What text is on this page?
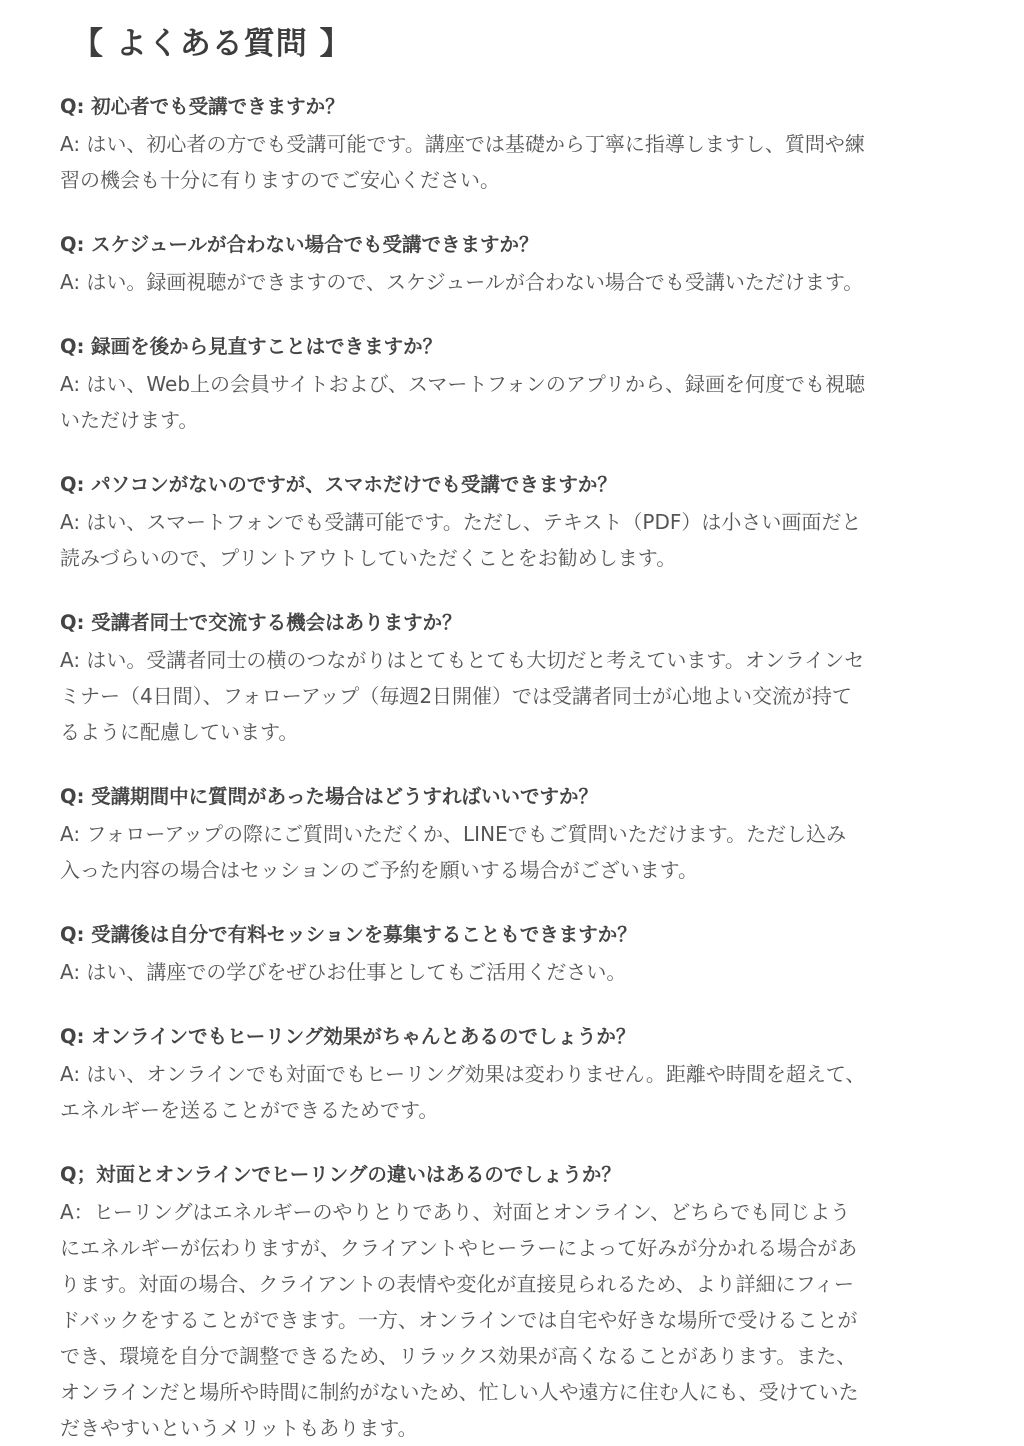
【 よくある質問 】

Q: 初心者でも受講できますか？

A: はい、初心者の方でも受講可能です。講座では基礎から丁寧に指導しますし、質問や練
習の機会も十分に有りますのでご安心ください。

Q: スケジュールが合わない場合でも受講できますか？

A: はい。録画視聴ができますので、スケジュールが合わない場合でも受講いただけます。

Q: 録画を後から見直すことはできますか？

A: はい、Web上の会員サイトおよび、スマートフォンのアプリから、録画を何度でも視聴
いただけます。

Q: パソコンがないのですが、スマホだけでも受講できますか？

A: はい、スマートフォンでも受講可能です。ただし、テキスト（PDF）は小さい画面だと
読みづらいので、プリントアウトしていただくことをお勧めします。

Q: 受講者同士で交流する機会はありますか？

A: はい。受講者同士の横のつながりはとてもとても大切だと考えています。オンラインセ
ミナー（4日間）、フォローアップ（毎週2日開催）では受講者同士が心地よい交流が持て
るように配慮しています。

Q: 受講期間中に質問があった場合はどうすればいいですか？

A: フォローアップの際にご質問いただくか、LINEでもご質問いただけます。ただし込み
入った内容の場合はセッションのご予約を願いする場合がございます。

Q: 受講後は自分で有料セッションを募集することもできますか？

A: はい、講座での学びをぜひお仕事としてもご活用ください。

Q: オンラインでもヒーリング効果がちゃんとあるのでしょうか？

A: はい、オンラインでも対面でもヒーリング効果は変わりません。距離や時間を超えて、
エネルギーを送ることができるためです。

Q；対面とオンラインでヒーリングの違いはあるのでしょうか？

A：ヒーリングはエネルギーのやりとりであり、対面とオンライン、どちらでも同じよう
にエネルギーが伝わりますが、クライアントやヒーラーによって好みが分かれる場合があ
ります。対面の場合、クライアントの表情や変化が直接見られるため、より詳細にフィー
ドバックをすることができます。一方、オンラインでは自宅や好きな場所で受けることが
でき、環境を自分で調整できるため、リラックス効果が高くなることがあります。また、
オンラインだと場所や時間に制約がないため、忙しい人や遠方に住む人にも、受けていた
だきやすいというメリットもあります。
